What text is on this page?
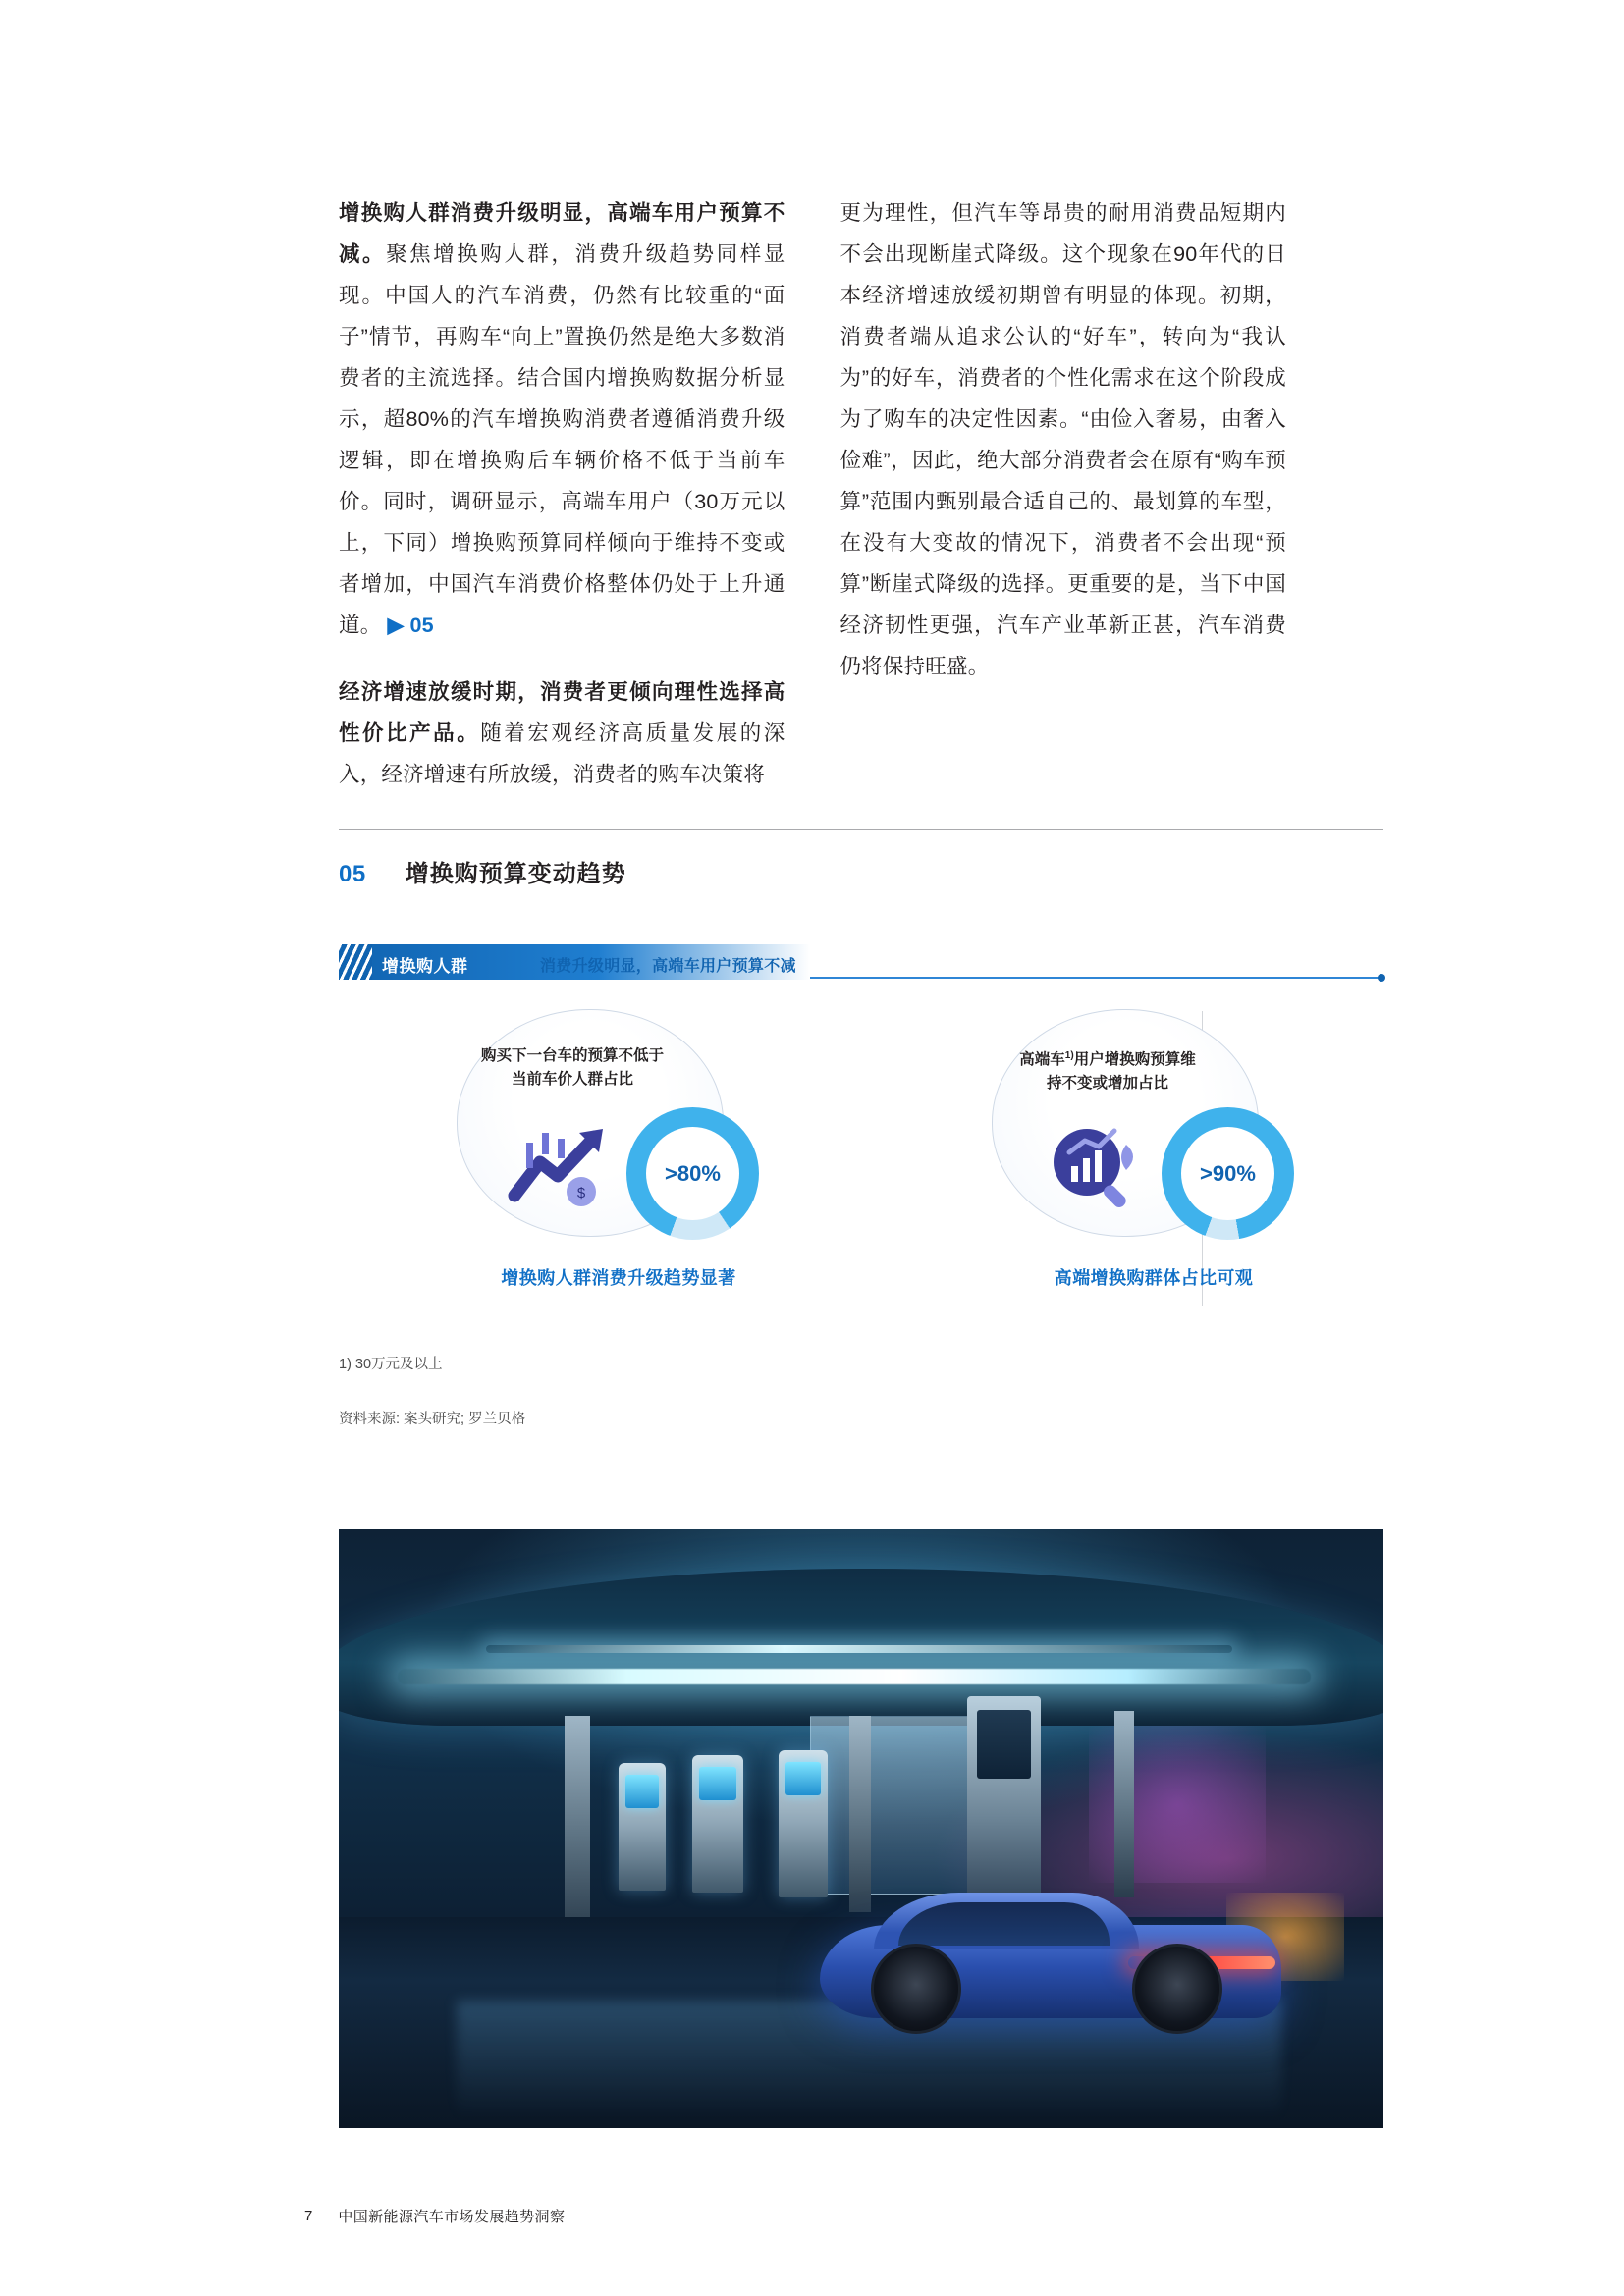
增换购人群消费升级明显，高端车用户预算不减。聚焦增换购人群，消费升级趋势同样显现。中国人的汽车消费，仍然有比较重的“面子”情节，再购车“向上”置换仍然是绝大多数消费者的主流选择。结合国内增换购数据分析显示，超80%的汽车增换购消费者遵循消费升级逻辑，即在增换购后车辆价格不低于当前车价。同时，调研显示，高端车用户（30万元以上，下同）增换购预算同样倾向于维持不变或者增加，中国汽车消费价格整体仍处于上升通道。 ▶ 05

经济增速放缓时期，消费者更倾向理性选择高性价比产品。随着宏观经济高质量发展的深入，经济增速有所放缓，消费者的购车决策将

更为理性，但汽车等昂贵的耐用消费品短期内不会出现断崖式降级。这个现象在90年代的日本经济增速放缓初期曾有明显的体现。初期，消费者端从追求公认的“好车”，转向为“我认为”的好车，消费者的个性化需求在这个阶段成为了购车的决定性因素。“由俭入奢易，由奢入俭难”，因此，绝大部分消费者会在原有“购车预算”范围内甄别最合适自己的、最划算的车型，在没有大变故的情况下，消费者不会出现“预算”断崖式降级的选择。更重要的是，当下中国经济韧性更强，汽车产业革新正甚，汽车消费仍将保持旺盛。

05 增换购预算变动趋势
增换购人群	消费升级明显，高端车用户预算不减
购买下一台车的预算不低于当前车价人群占比
$
>80%
增换购人群消费升级趋势显著
高端车$^{1)}$用户增换购预算维持不变或增加占比
>90%
高端增换购群体占比可观
1) 30万元及以上
资料来源: 案头研究; 罗兰贝格
7 中国新能源汽车市场发展趋势洞察
